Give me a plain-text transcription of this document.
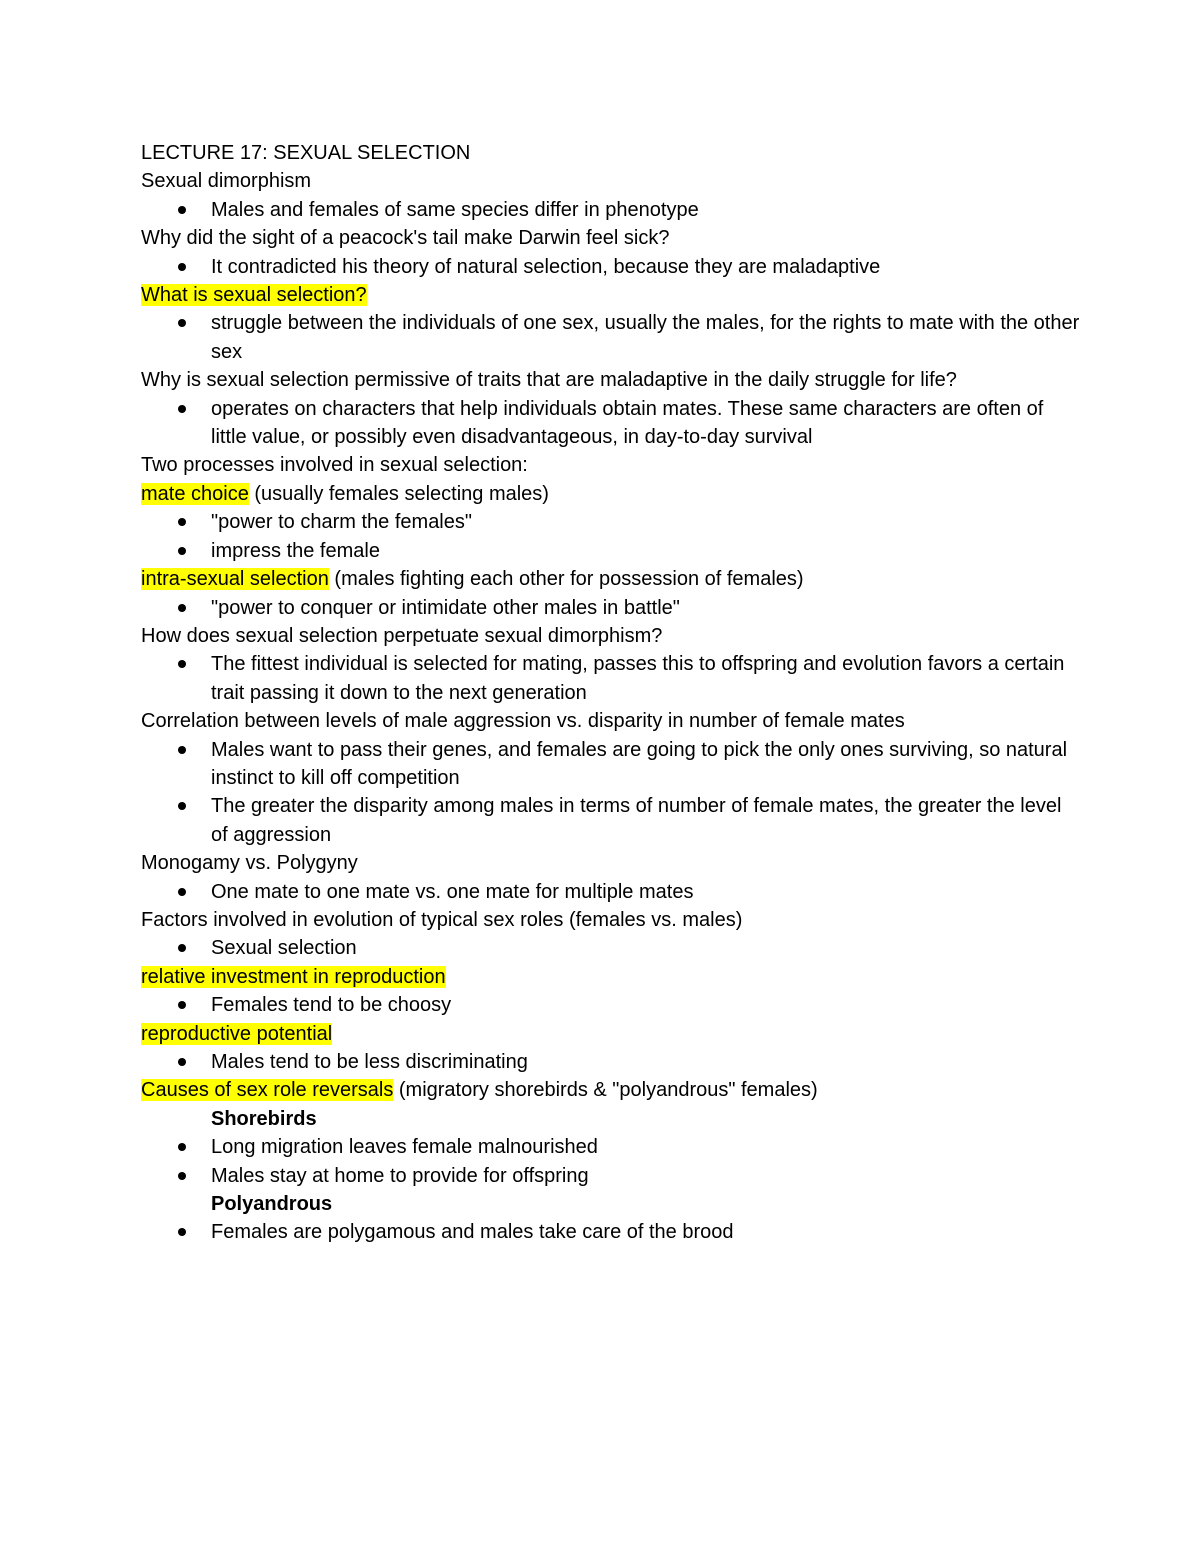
LECTURE 17: SEXUAL SELECTION
Sexual dimorphism
Males and females of same species differ in phenotype
Why did the sight of a peacock's tail make Darwin feel sick?
It contradicted his theory of natural selection, because they are maladaptive
What is sexual selection?
struggle between the individuals of one sex, usually the males, for the rights to mate with the other sex
Why is sexual selection permissive of traits that are maladaptive in the daily struggle for life?
operates on characters that help individuals obtain mates. These same characters are often of little value, or possibly even disadvantageous, in day-to-day survival
Two processes involved in sexual selection:
mate choice (usually females selecting males)
"power to charm the females"
impress the female
intra-sexual selection (males fighting each other for possession of females)
"power to conquer or intimidate other males in battle"
How does sexual selection perpetuate sexual dimorphism?
The fittest individual is selected for mating, passes this to offspring and evolution favors a certain trait passing it down to the next generation
Correlation between levels of male aggression vs. disparity in number of female mates
Males want to pass their genes, and females are going to pick the only ones surviving, so natural instinct to kill off competition
The greater the disparity among males in terms of number of female mates, the greater the level of aggression
Monogamy vs. Polygyny
One mate to one mate vs. one mate for multiple mates
Factors involved in evolution of typical sex roles (females vs. males)
Sexual selection
relative investment in reproduction
Females tend to be choosy
reproductive potential
Males tend to be less discriminating
Causes of sex role reversals (migratory shorebirds & "polyandrous" females)
Shorebirds
Long migration leaves female malnourished
Males stay at home to provide for offspring
Polyandrous
Females are polygamous and males take care of the brood
